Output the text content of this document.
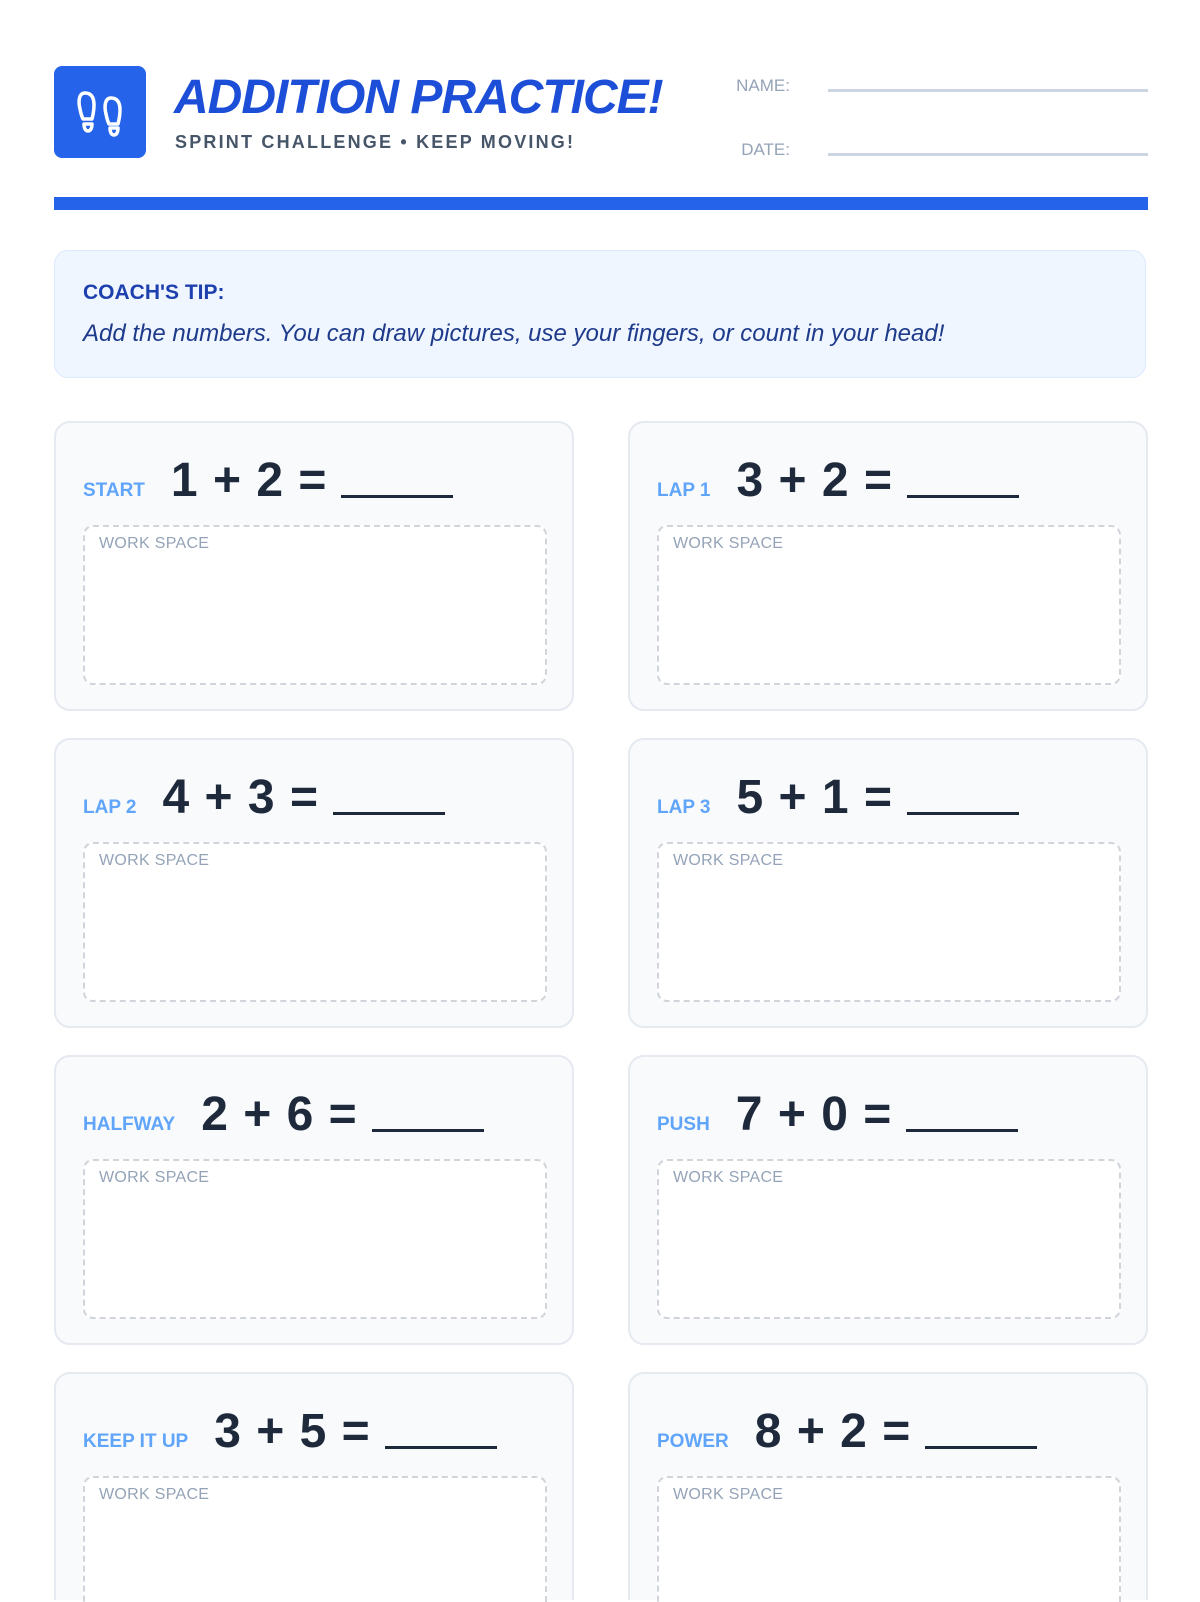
ADDITION PRACTICE!
SPRINT CHALLENGE • KEEP MOVING!
NAME:
DATE:
COACH'S TIP:
Add the numbers. You can draw pictures, use your fingers, or count in your head!
START 1 + 2 =
WORK SPACE
LAP 1 3 + 2 =
WORK SPACE
LAP 2 4 + 3 =
WORK SPACE
LAP 3 5 + 1 =
WORK SPACE
HALFWAY 2 + 6 =
WORK SPACE
PUSH 7 + 0 =
WORK SPACE
KEEP IT UP 3 + 5 =
WORK SPACE
POWER 8 + 2 =
WORK SPACE
